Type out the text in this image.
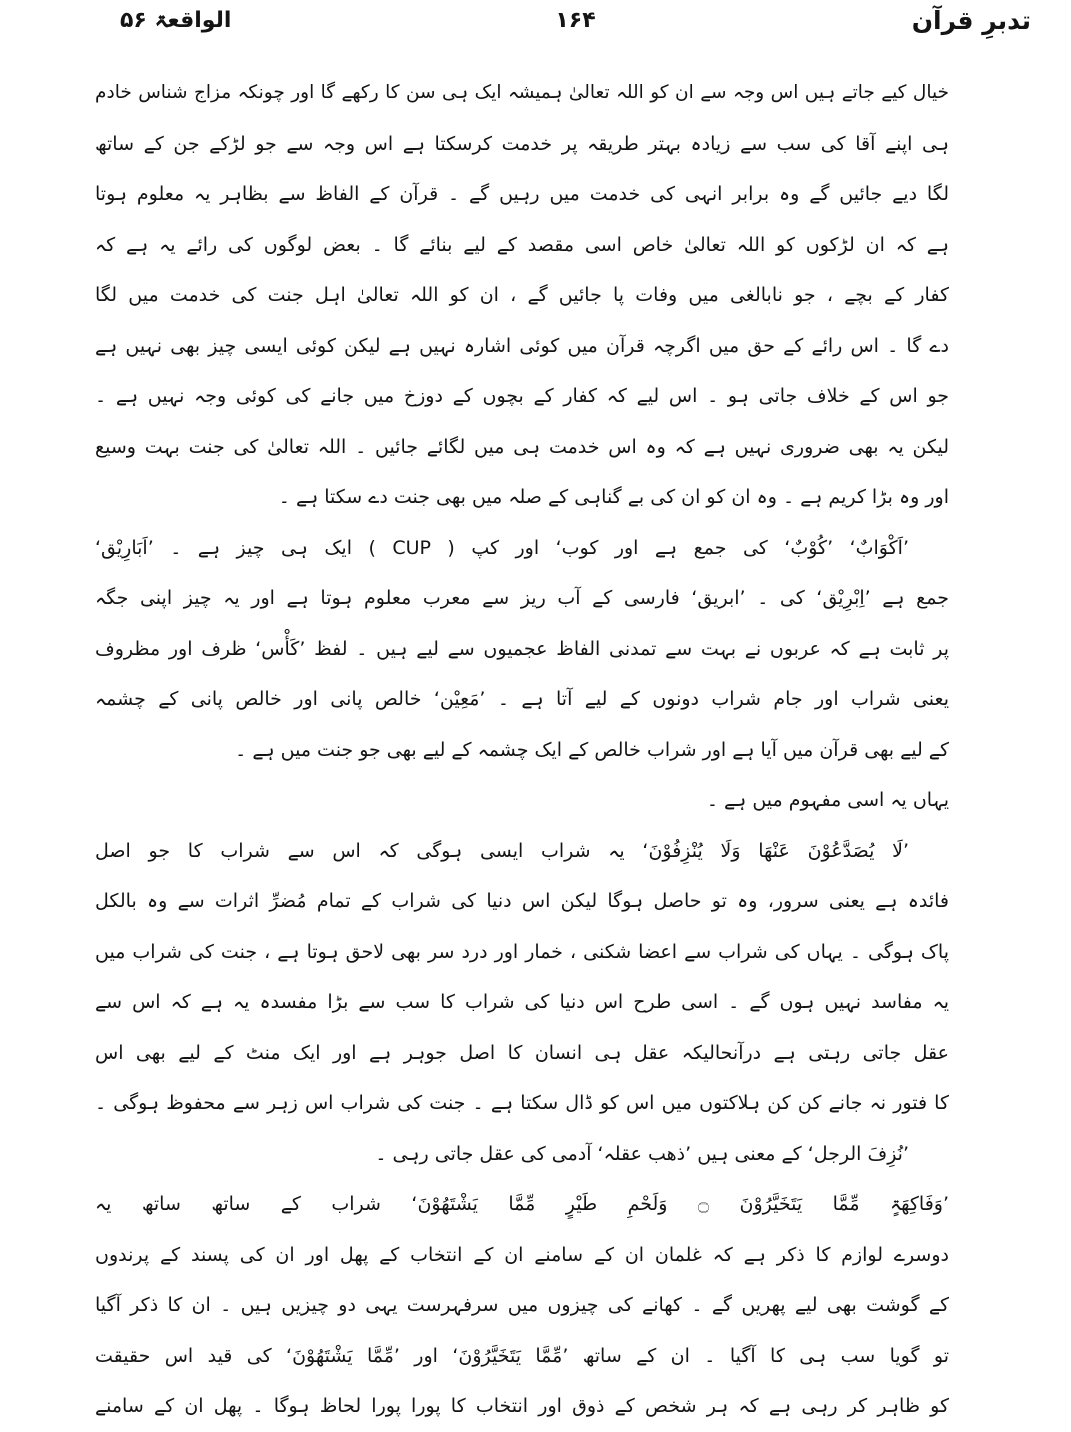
تدبرِ قرآن
۱۶۴
الواقعۃ ۵۶
خیال کیے جاتے ہیں اس وجہ سے ان کو اللہ تعالیٰ ہمیشہ ایک ہی سن کا رکھے گا اور چونکہ مزاج شناس خادم
ہی اپنے آقا کی سب سے زیادہ بہتر طریقہ پر خدمت کرسکتا ہے اس وجہ سے جو لڑکے جن کے ساتھ
لگا دیے جائیں گے وہ برابر انہی کی خدمت میں رہیں گے ۔ قرآن کے الفاظ سے بظاہر یہ معلوم ہوتا
ہے کہ ان لڑکوں کو اللہ تعالیٰ خاص اسی مقصد کے لیے بنائے گا ۔ بعض لوگوں کی رائے یہ ہے کہ
کفار کے بچے ، جو نابالغی میں وفات پا جائیں گے ، ان کو اللہ تعالیٰ اہل جنت کی خدمت میں لگا
دے گا ۔ اس رائے کے حق میں اگرچہ قرآن میں کوئی اشارہ نہیں ہے لیکن کوئی ایسی چیز بھی نہیں ہے
جو اس کے خلاف جاتی ہو ۔ اس لیے کہ کفار کے بچوں کے دوزخ میں جانے کی کوئی وجہ نہیں ہے ۔
لیکن یہ بھی ضروری نہیں ہے کہ وہ اس خدمت ہی میں لگائے جائیں ۔ اللہ تعالیٰ کی جنت بہت وسیع
اور وہ بڑا کریم ہے ۔ وہ ان کو ان کی بے گناہی کے صلہ میں بھی جنت دے سکتا ہے ۔
’اَکْوَابٌ‘ ’کُوْبٌ‘ کی جمع ہے اور کوب‘ اور کپ ( CUP ) ایک ہی چیز ہے ۔ ’اَبَارِیْق‘
جمع ہے ’اِبْرِیْق‘ کی ۔ ’ابریق‘ فارسی کے آب ریز سے معرب معلوم ہوتا ہے اور یہ چیز اپنی جگہ
پر ثابت ہے کہ عربوں نے بہت سے تمدنی الفاظ عجمیوں سے لیے ہیں ۔ لفظ ’کَأْس‘ ظرف اور مظروف
یعنی شراب اور جام شراب دونوں کے لیے آتا ہے ۔ ’مَعِیْن‘ خالص پانی اور خالص پانی کے چشمہ
کے لیے بھی قرآن میں آیا ہے اور شراب خالص کے ایک چشمہ کے لیے بھی جو جنت میں ہے ۔
یہاں یہ اسی مفہوم میں ہے ۔
’لَا یُصَدَّعُوْنَ عَنْھَا وَلَا یُنْزِفُوْنَ‘ یہ شراب ایسی ہوگی کہ اس سے شراب کا جو اصل
فائدہ ہے یعنی سرور، وہ تو حاصل ہوگا لیکن اس دنیا کی شراب کے تمام مُضرِّ اثرات سے وہ بالکل
پاک ہوگی ۔ یہاں کی شراب سے اعضا شکنی ، خمار اور درد سر بھی لاحق ہوتا ہے ، جنت کی شراب میں
یہ مفاسد نہیں ہوں گے ۔ اسی طرح اس دنیا کی شراب کا سب سے بڑا مفسدہ یہ ہے کہ اس سے
عقل جاتی رہتی ہے درآنحالیکہ عقل ہی انسان کا اصل جوہر ہے اور ایک منٹ کے لیے بھی اس
کا فتور نہ جانے کن کن ہلاکتوں میں اس کو ڈال سکتا ہے ۔ جنت کی شراب اس زہر سے محفوظ ہوگی ۔
’نُزِفَ الرجل‘ کے معنی ہیں ’ذھب عقلہ‘ آدمی کی عقل جاتی رہی ۔
’وَفَاکِھَۃٍ مِّمَّا یَتَخَیَّرُوْنَ ۝ وَلَحْمِ طَیْرٍ مِّمَّا یَشْتَھُوْنَ‘ شراب کے ساتھ ساتھ یہ
دوسرے لوازم کا ذکر ہے کہ غلمان ان کے سامنے ان کے انتخاب کے پھل اور ان کی پسند کے پرندوں
کے گوشت بھی لیے پھریں گے ۔ کھانے کی چیزوں میں سرفہرست یہی دو چیزیں ہیں ۔ ان کا ذکر آگیا
تو گویا سب ہی کا آگیا ۔ ان کے ساتھ ’مِّمَّا یَتَخَیَّرُوْنَ‘ اور ’مِّمَّا یَشْتَھُوْنَ‘ کی قید اس حقیقت
کو ظاہر کر رہی ہے کہ ہر شخص کے ذوق اور انتخاب کا پورا پورا لحاظ ہوگا ۔ پھل ان کے سامنے
